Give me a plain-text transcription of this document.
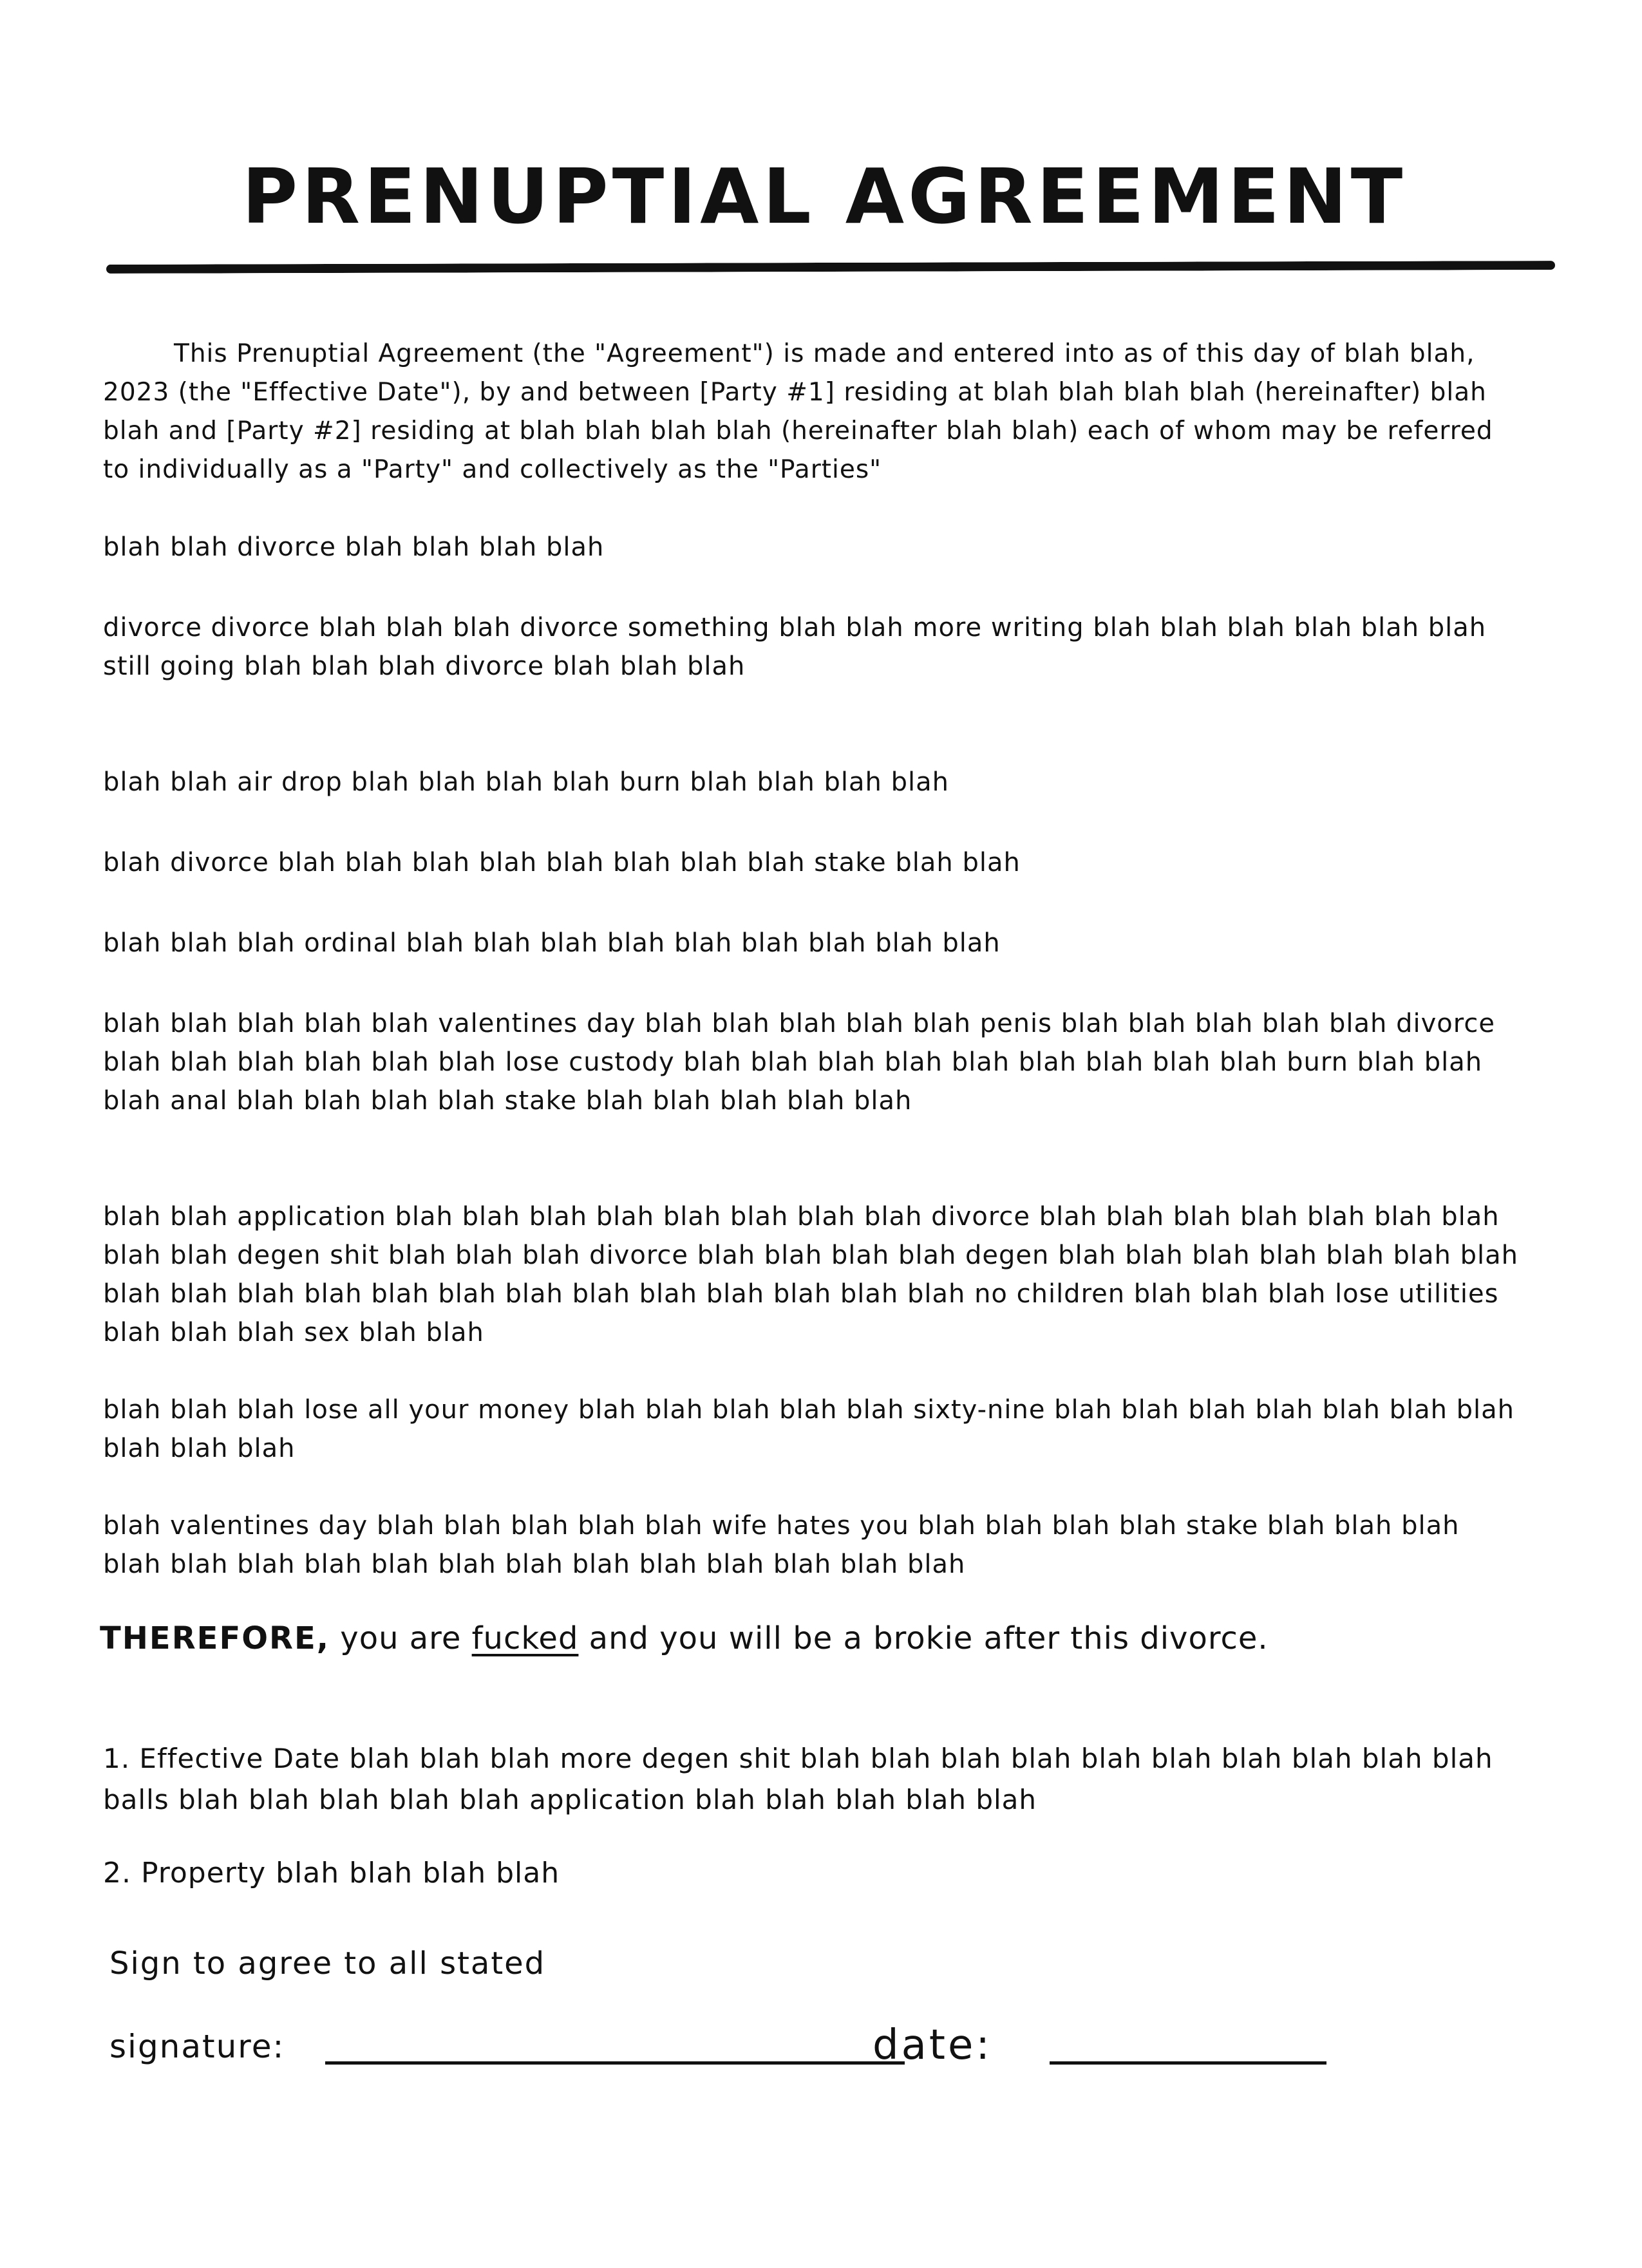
PRENUPTIAL AGREEMENT
This Prenuptial Agreement (the "Agreement") is made and entered into as of this day of blah blah, 2023 (the "Effective Date"), by and between [Party #1] residing at blah blah blah blah (hereinafter) blah blah and [Party #2] residing at blah blah blah blah (hereinafter blah blah) each of whom may be referred to individually as a "Party" and collectively as the "Parties"
blah blah divorce blah blah blah blah
divorce divorce blah blah blah divorce something blah blah more writing blah blah blah blah blah blah still going blah blah blah divorce blah blah blah
blah blah air drop blah blah blah blah burn blah blah blah blah
blah divorce blah blah blah blah blah blah blah blah stake blah blah
blah blah blah ordinal blah blah blah blah blah blah blah blah blah
blah blah blah blah blah valentines day blah blah blah blah blah penis blah blah blah blah blah divorce blah blah blah blah blah blah lose custody blah blah blah blah blah blah blah blah blah burn blah blah blah anal blah blah blah blah stake blah blah blah blah blah
blah blah application blah blah blah blah blah blah blah blah divorce blah blah blah blah blah blah blah blah blah degen shit blah blah blah divorce blah blah blah blah degen blah blah blah blah blah blah blah blah blah blah blah blah blah blah blah blah blah blah blah blah no children blah blah blah lose utilities blah blah blah sex blah blah
blah blah blah lose all your money blah blah blah blah blah sixty-nine blah blah blah blah blah blah blah blah blah blah
blah valentines day blah blah blah blah blah wife hates you blah blah blah blah stake blah blah blah blah blah blah blah blah blah blah blah blah blah blah blah blah
THEREFORE, you are fucked and you will be a brokie after this divorce.
1. Effective Date blah blah blah more degen shit blah blah blah blah blah blah blah blah blah blah balls blah blah blah blah blah application blah blah blah blah blah
2. Property blah blah blah blah
Sign to agree to all stated
signature:	date:
